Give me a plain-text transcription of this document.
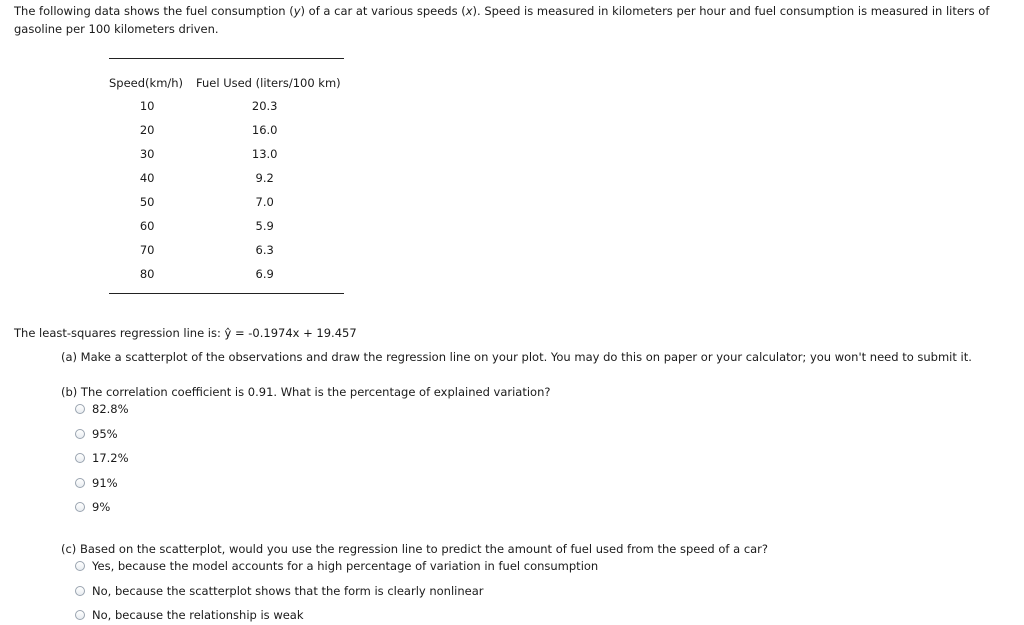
The following data shows the fuel consumption (y) of a car at various speeds (x). Speed is measured in kilometers per hour and fuel consumption is measured in liters of gasoline per 100 kilometers driven.
Speed(km/h)	Fuel Used (liters/100 km)
10	20.3
20	16.0
30	13.0
40	9.2
50	7.0
60	5.9
70	6.3
80	6.9
The least-squares regression line is: ŷ = -0.1974x + 19.457
(a) Make a scatterplot of the observations and draw the regression line on your plot. You may do this on paper or your calculator; you won't need to submit it.
(b) The correlation coefficient is 0.91. What is the percentage of explained variation?
82.8%
95%
17.2%
91%
9%
(c) Based on the scatterplot, would you use the regression line to predict the amount of fuel used from the speed of a car?
Yes, because the model accounts for a high percentage of variation in fuel consumption
No, because the scatterplot shows that the form is clearly nonlinear
No, because the relationship is weak
